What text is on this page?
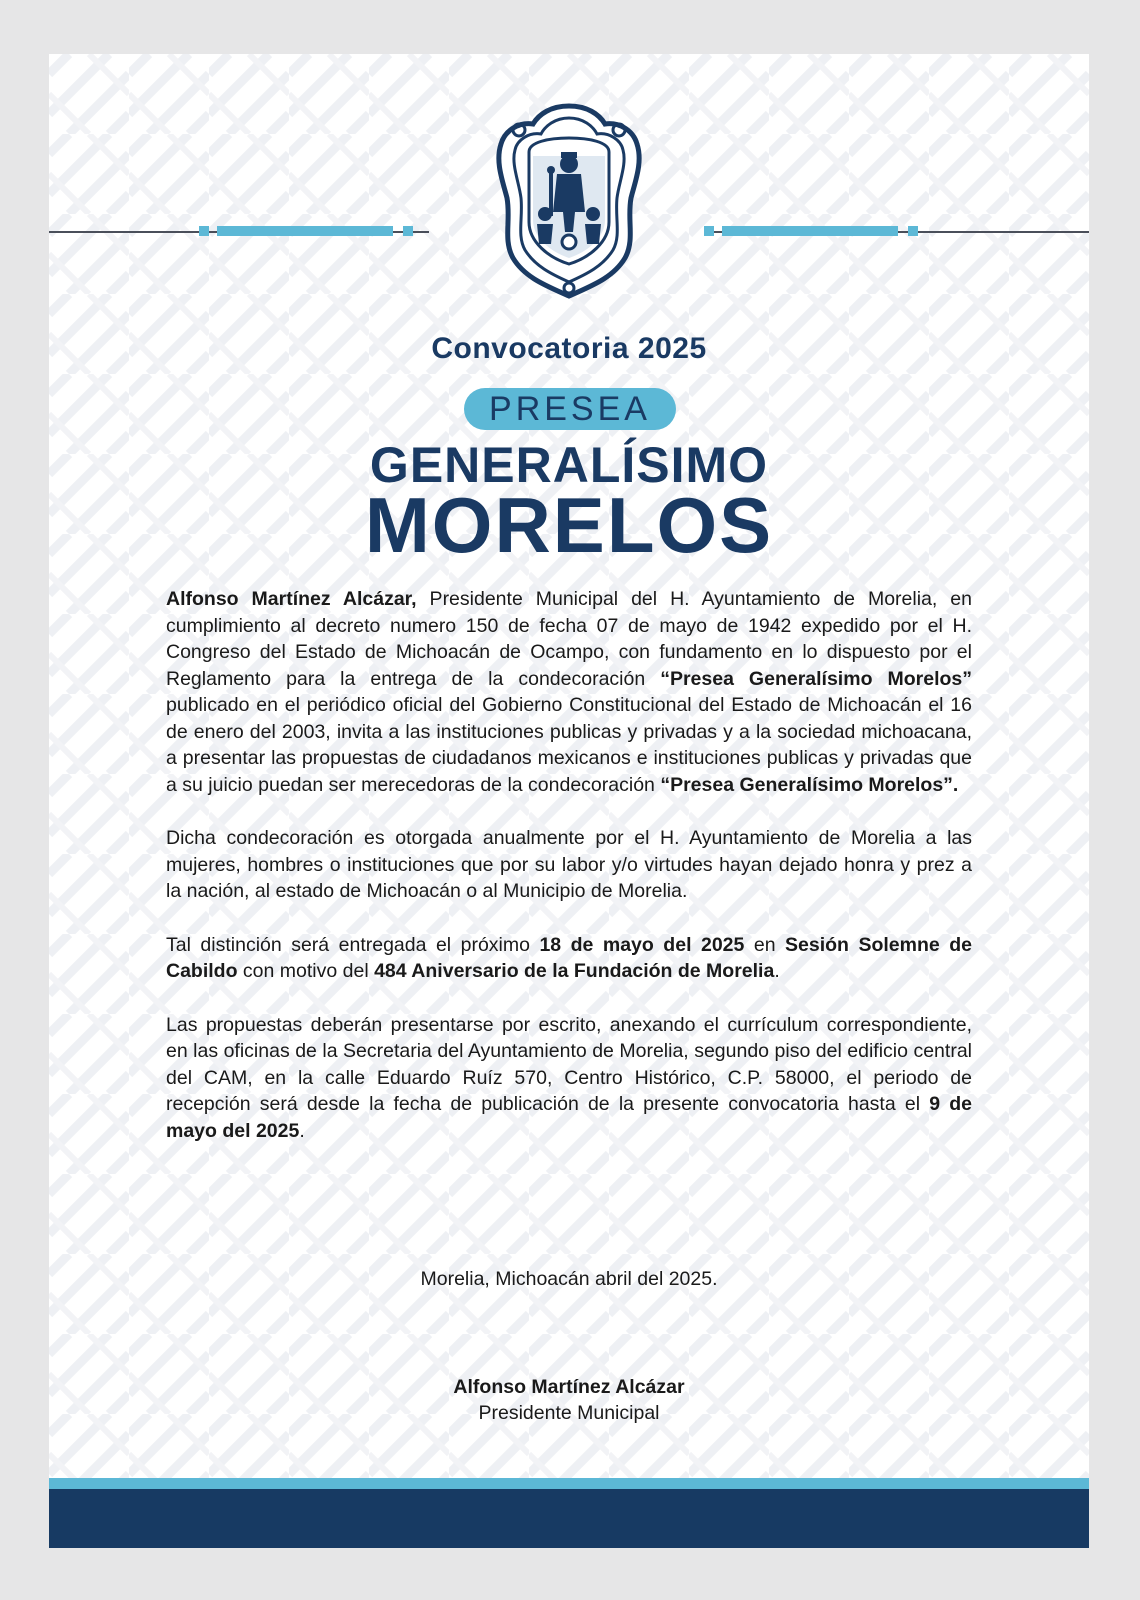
Convocatoria 2025
PRESEA
GENERALÍSIMO
MORELOS

Alfonso Martínez Alcázar, Presidente Municipal del H. Ayuntamiento de Morelia, en cumplimiento al decreto numero 150 de fecha 07 de mayo de 1942 expedido por el H. Congreso del Estado de Michoacán de Ocampo, con fundamento en lo dispuesto por el Reglamento para la entrega de la condecoración “Presea Generalísimo Morelos” publicado en el periódico oficial del Gobierno Constitucional del Estado de Michoacán el 16 de enero del 2003, invita a las instituciones publicas y privadas y a la sociedad michoacana, a presentar las propuestas de ciudadanos mexicanos e instituciones publicas y privadas que a su juicio puedan ser merecedoras de la condecoración “Presea Generalísimo Morelos”.

Dicha condecoración es otorgada anualmente por el H. Ayuntamiento de Morelia a las mujeres, hombres o instituciones que por su labor y/o virtudes hayan dejado honra y prez a la nación, al estado de Michoacán o al Municipio de Morelia.

Tal distinción será entregada el próximo 18 de mayo del 2025 en Sesión Solemne de Cabildo con motivo del 484 Aniversario de la Fundación de Morelia.

Las propuestas deberán presentarse por escrito, anexando el currículum correspondiente, en las oficinas de la Secretaria del Ayuntamiento de Morelia, segundo piso del edificio central del CAM, en la calle Eduardo Ruíz 570, Centro Histórico, C.P. 58000, el periodo de recepción será desde la fecha de publicación de la presente convocatoria hasta el 9 de mayo del 2025.

Morelia, Michoacán abril del 2025.
Alfonso Martínez Alcázar
Presidente Municipal
